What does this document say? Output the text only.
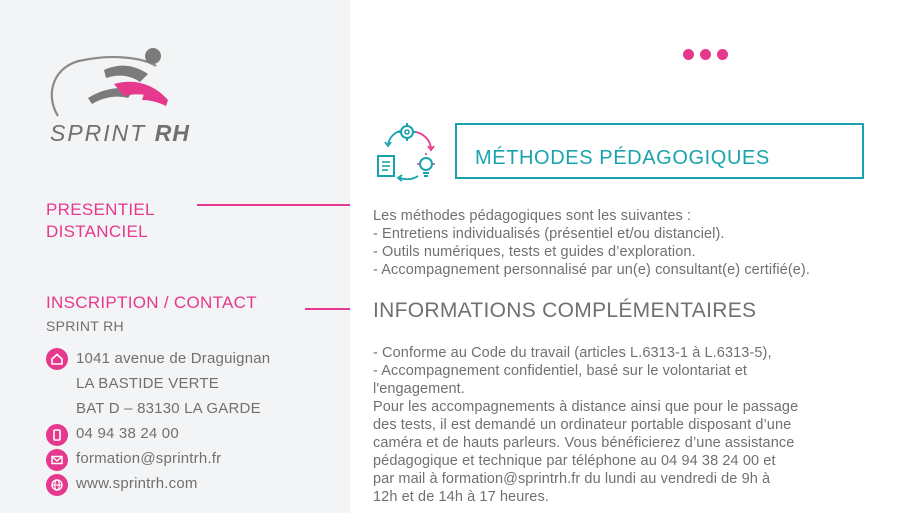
SPRINT RH
PRESENTIEL
DISTANCIEL
INSCRIPTION / CONTACT
SPRINT RH
1041 avenue de Draguignan
LA BASTIDE VERTE
BAT D – 83130 LA GARDE
04 94 38 24 00
formation@sprintrh.fr
www.sprintrh.com
MÉTHODES PÉDAGOGIQUES
Les méthodes pédagogiques sont les suivantes :
- Entretiens individualisés (présentiel et/ou distanciel).
- Outils numériques, tests et guides d’exploration.
- Accompagnement personnalisé par un(e) consultant(e) certifié(e).
INFORMATIONS COMPLÉMENTAIRES
- Conforme au Code du travail (articles L.6313-1 à L.6313-5),
- Accompagnement confidentiel, basé sur le volontariat et
l'engagement.
Pour les accompagnements à distance ainsi que pour le passage
des tests, il est demandé un ordinateur portable disposant d’une
caméra et de hauts parleurs. Vous bénéficierez d’une assistance
pédagogique et technique par téléphone au 04 94 38 24 00 et
par mail à formation@sprintrh.fr du lundi au vendredi de 9h à
12h et de 14h à 17 heures.
